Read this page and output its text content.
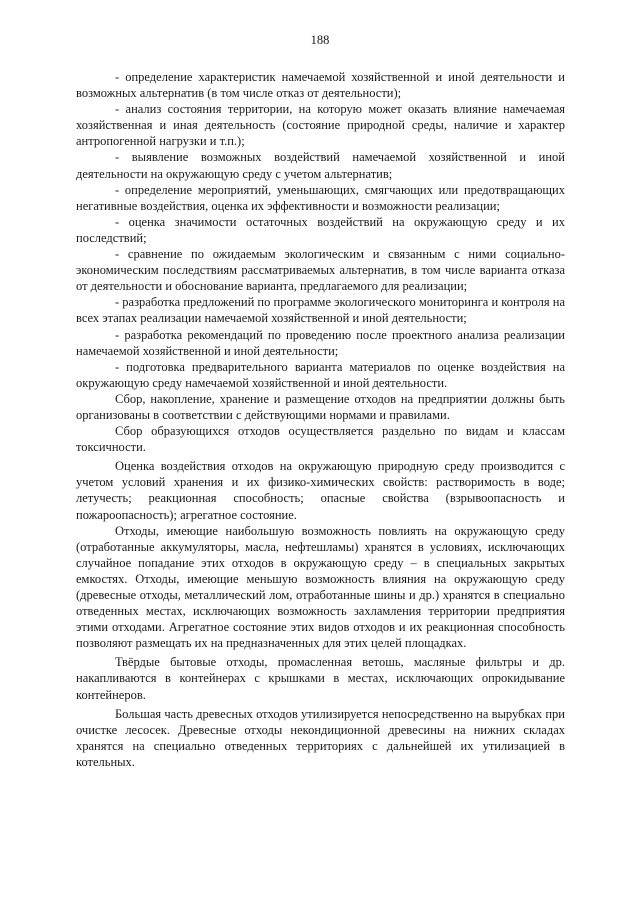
188

- определение характеристик намечаемой хозяйственной и иной деятельности и возможных альтернатив (в том числе отказ от деятельности);

- анализ состояния территории, на которую может оказать влияние намечаемая хозяйственная и иная деятельность (состояние природной среды, наличие и характер антропогенной нагрузки и т.п.);

- выявление возможных воздействий намечаемой хозяйственной и иной деятельности на окружающую среду с учетом альтернатив;

- определение мероприятий, уменьшающих, смягчающих или предотвращающих негативные воздействия, оценка их эффективности и возможности реализации;

- оценка значимости остаточных воздействий на окружающую среду и их последствий;

- сравнение по ожидаемым экологическим и связанным с ними социально-экономическим последствиям рассматриваемых альтернатив, в том числе варианта отказа от деятельности и обоснование варианта, предлагаемого для реализации;

- разработка предложений по программе экологического мониторинга и контроля на всех этапах реализации намечаемой хозяйственной и иной деятельности;

- разработка рекомендаций по проведению после проектного анализа реализации намечаемой хозяйственной и иной деятельности;

- подготовка предварительного варианта материалов по оценке воздействия на окружающую среду намечаемой хозяйственной и иной деятельности.

Сбор, накопление, хранение и размещение отходов на предприятии должны быть организованы в соответствии с действующими нормами и правилами.

Сбор образующихся отходов осуществляется раздельно по видам и классам токсичности.

Оценка воздействия отходов на окружающую природную среду производится с учетом условий хранения и их физико-химических свойств: растворимость в воде; летучесть; реакционная способность; опасные свойства (взрывоопасность и пожароопасность); агрегатное состояние.

Отходы, имеющие наибольшую возможность повлиять на окружающую среду (отработанные аккумуляторы, масла, нефтешламы) хранятся в условиях, исключающих случайное попадание этих отходов в окружающую среду – в специальных закрытых емкостях. Отходы, имеющие меньшую возможность влияния на окружающую среду (древесные отходы, металлический лом, отработанные шины и др.) хранятся в специально отведенных местах, исключающих возможность захламления территории предприятия этими отходами. Агрегатное состояние этих видов отходов и их реакционная способность позволяют размещать их на предназначенных для этих целей площадках.

Твёрдые бытовые отходы, промасленная ветошь, масляные фильтры и др. накапливаются в контейнерах с крышками в местах, исключающих опрокидывание контейнеров.

Большая часть древесных отходов утилизируется непосредственно на вырубках при очистке лесосек. Древесные отходы некондиционной древесины на нижних складах хранятся на специально отведенных территориях с дальнейшей их утилизацией в котельных.
